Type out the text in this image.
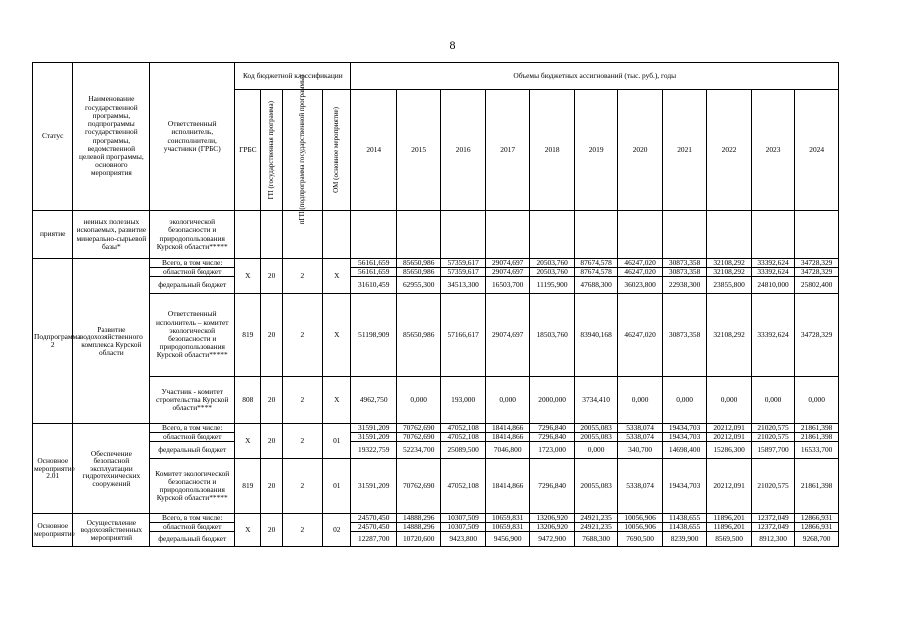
8
Статус	Наименование государственной программы, подпрограммы государственной программы, ведомственной целевой программы, основного мероприятия	Ответственный исполнитель, соисполнители, участники (ГРБС)	Код бюджетной классификации				Объемы бюджетных ассигнований (тыс. руб.), годы										
			ГРБС	ГП (государственная программа)	пГП (подпрограмма государственной программы)	ОМ (основное мероприятие)	2014	2015	2016	2017	2018	2019	2020	2021	2022	2023	2024
приятие	неиных полезных ископаемых, развитие минерально-сырьевой базы*	экологической безопасности и природопользования Курской области*****															
Подпрограмма 2	Развитие водохозяйственного комплекса Курской области	Всего, в том числе:	Х	20	2	Х	56161,659	85650,986	57359,617	29074,697	20503,760	87674,578	46247,020	30873,358	32108,292	33392,624	34728,329
		областной бюджет					56161,659	85650,986	57359,617	29074,697	20503,760	87674,578	46247,020	30873,358	32108,292	33392,624	34728,329
		федеральный бюджет					31610,459	62955,300	34513,300	16503,700	11195,900	47688,300	36023,800	22938,300	23855,800	24810,000	25802,400
		Ответственный исполнитель – комитет экологической безопасности и природопользования Курской области*****	819	20	2	Х	51198,909	85650,986	57166,617	29074,697	18503,760	83940,168	46247,020	30873,358	32108,292	33392,624	34728,329
		Участник - комитет строительства Курской области****	808	20	2	Х	4962,750	0,000	193,000	0,000	2000,000	3734,410	0,000	0,000	0,000	0,000	0,000
Основное мероприятие 2.01	Обеспечение безопасной эксплуатации гидротехнических сооружений	Всего, в том числе:	Х	20	2	01	31591,209	70762,690	47052,108	18414,866	7296,840	20055,083	5338,074	19434,703	20212,091	21020,575	21861,398
		областной бюджет					31591,209	70762,690	47052,108	18414,866	7296,840	20055,083	5338,074	19434,703	20212,091	21020,575	21861,398
		федеральный бюджет					19322,759	52234,700	25089,500	7046,800	1723,000	0,000	340,700	14698,400	15286,300	15897,700	16533,700
		Комитет экологической безопасности и природопользования Курской области*****	819	20	2	01	31591,209	70762,690	47052,108	18414,866	7296,840	20055,083	5338,074	19434,703	20212,091	21020,575	21861,398
Основное мероприятие	Осуществление водохозяйственных мероприятий	Всего, в том числе:	Х	20	2	02	24570,450	14888,296	10307,509	10659,831	13206,920	24921,235	10056,906	11438,655	11896,201	12372,049	12866,931
		областной бюджет					24570,450	14888,296	10307,509	10659,831	13206,920	24921,235	10056,906	11438,655	11896,201	12372,049	12866,931
		федеральный бюджет					12287,700	10720,600	9423,800	9456,900	9472,900	7688,300	7690,500	8239,900	8569,500	8912,300	9268,700
